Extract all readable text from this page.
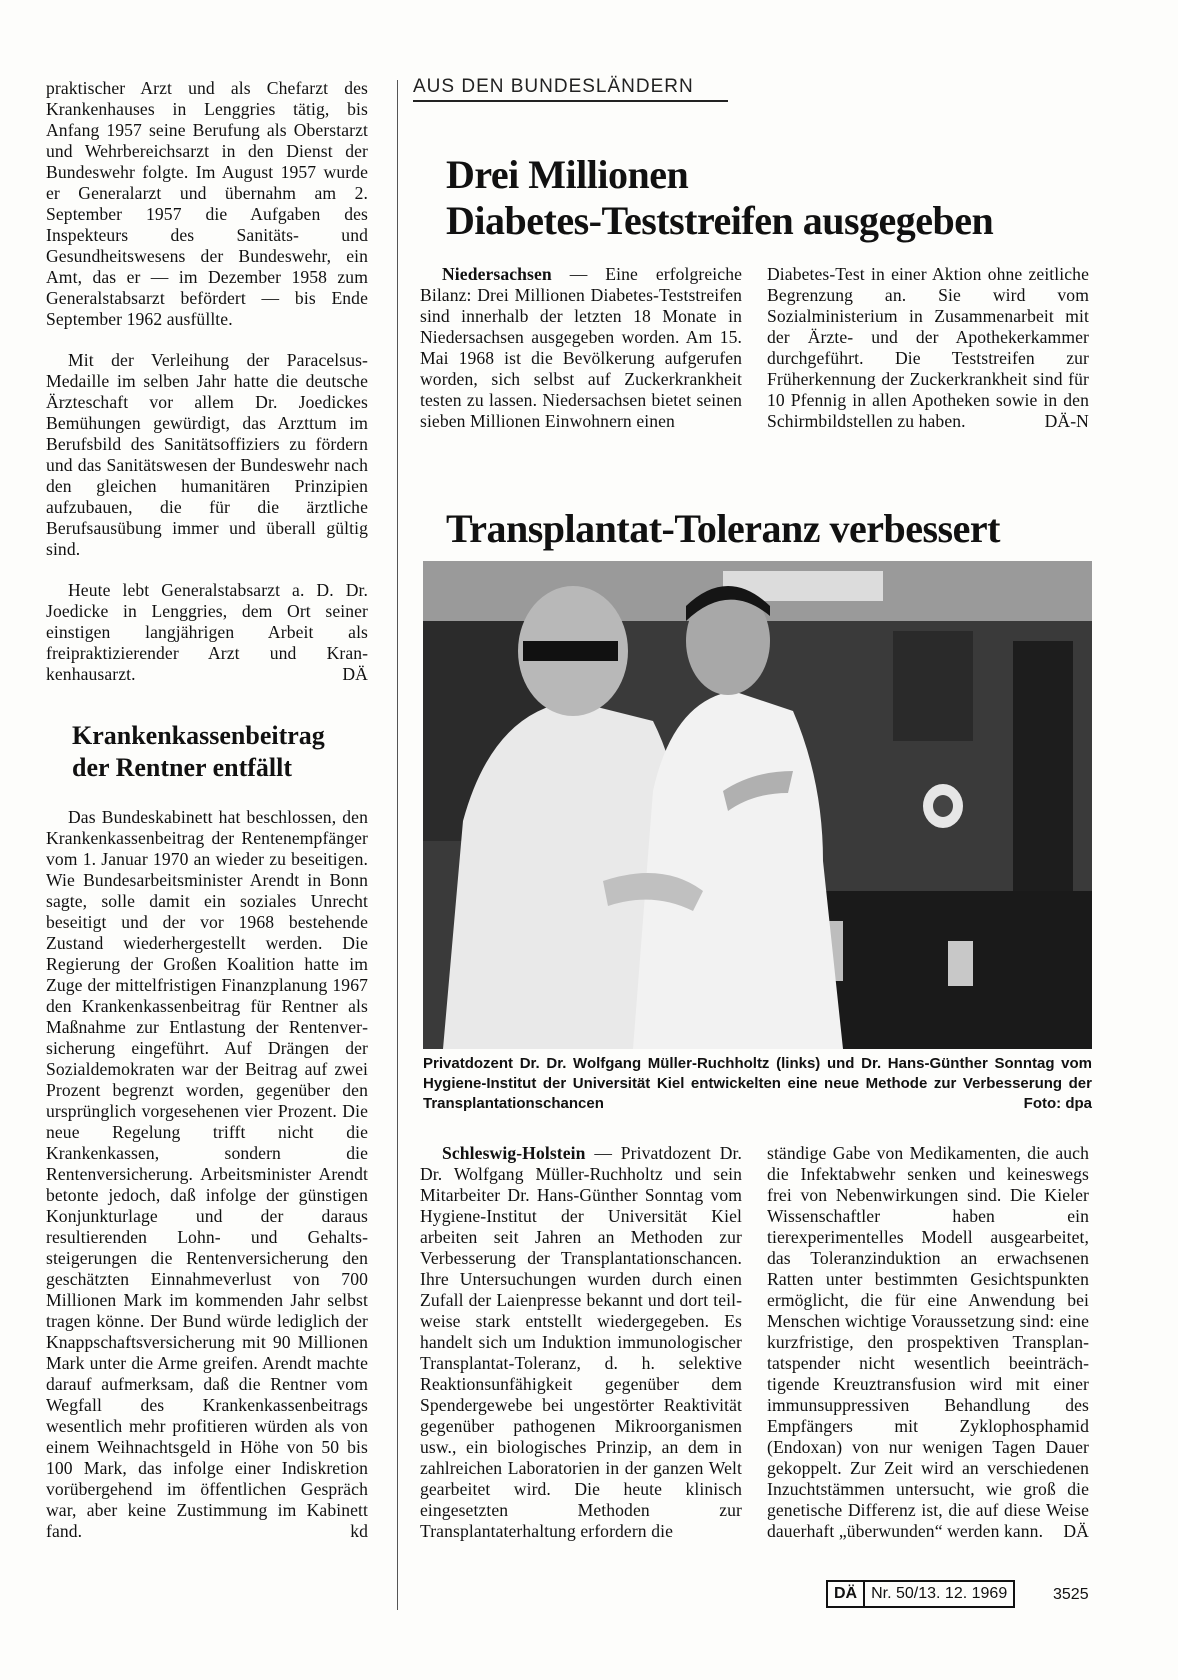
praktischer Arzt und als Chefarzt des Krankenhauses in Lenggries tätig, bis Anfang 1957 seine Berufung als Oberstarzt und Wehrbereichsarzt in den Dienst der Bundeswehr folgte. Im August 1957 wurde er Generalarzt und übernahm am 2. September 1957 die Aufgaben des Inspekteurs des Sanitäts- und Gesundheitswesens der Bundeswehr, ein Amt, das er — im Dezember 1958 zum Generalstabsarzt befördert — bis Ende September 1962 ausfüllte.

Mit der Verleihung der Paracelsus-Medaille im selben Jahr hatte die deutsche Ärzteschaft vor allem Dr. Joedickes Bemühungen gewürdigt, das Arzttum im Berufsbild des Sanitätsoffiziers zu fördern und das Sanitätswesen der Bundeswehr nach den gleichen humanitären Prinzipien aufzubauen, die für die ärztliche Berufsausübung immer und überall gültig sind.

Heute lebt Generalstabsarzt a. D. Dr. Joedicke in Lenggries, dem Ort seiner einstigen langjährigen Arbeit als freipraktizierender Arzt und Krankenhausarzt.	DÄ

Krankenkassenbeitrag

der Rentner entfällt

Das Bundeskabinett hat beschlossen, den Krankenkassenbeitrag der Rentenempfänger vom 1. Januar 1970 an wieder zu beseitigen. Wie Bundesarbeitsminister Arendt in Bonn sagte, solle damit ein soziales Unrecht beseitigt und der vor 1968 bestehende Zustand wiederhergestellt werden. Die Regierung der Großen Koalition hatte im Zuge der mittelfristigen Finanzplanung 1967 den Krankenkassenbeitrag für Rentner als Maßnahme zur Entlastung der Rentenversicherung eingeführt. Auf Drängen der Sozialdemokraten war der Beitrag auf zwei Prozent begrenzt worden, gegenüber den ursprünglich vorgesehenen vier Prozent. Die neue Regelung trifft nicht die Krankenkassen, sondern die Rentenversicherung. Arbeitsminister Arendt betonte jedoch, daß infolge der günstigen Konjunkturlage und der daraus resultierenden Lohn- und Gehaltssteigerungen die Rentenversicherung den geschätzten Einnahmeverlust von 700 Millionen Mark im kommenden Jahr selbst tragen könne. Der Bund würde lediglich der Knappschaftsversicherung mit 90 Millionen Mark unter die Arme greifen. Arendt machte darauf aufmerksam, daß die Rentner vom Wegfall des Krankenkassenbeitrags wesentlich mehr profitieren würden als von einem Weihnachtsgeld in Höhe von 50 bis 100 Mark, das infolge einer Indiskretion vorübergehend im öffentlichen Gespräch war, aber keine Zustimmung im Kabinett fand.	kd

AUS DEN BUNDESLÄNDERN

Drei Millionen

Diabetes-Teststreifen ausgegeben

Niedersachsen — Eine erfolgreiche Bilanz: Drei Millionen Diabetes-Teststreifen sind innerhalb der letzten 18 Monate in Niedersachsen ausgegeben worden. Am 15. Mai 1968 ist die Bevölkerung aufgerufen worden, sich selbst auf Zuckerkrankheit testen zu lassen. Niedersachsen bietet seinen sieben Millionen Einwohnern einen

Diabetes-Test in einer Aktion ohne zeitliche Begrenzung an. Sie wird vom Sozialministerium in Zusammenarbeit mit der Ärzte- und der Apothekerkammer durchgeführt. Die Teststreifen zur Früherkennung der Zuckerkrankheit sind für 10 Pfennig in allen Apotheken sowie in den Schirmbildstellen zu haben.	DÄ-N

Transplantat-Toleranz verbessert

Privatdozent Dr. Dr. Wolfgang Müller-Ruchholtz (links) und Dr. Hans-Günther Sonntag vom Hygiene-Institut der Universität Kiel entwickelten eine neue Methode zur Verbesserung der Transplantationschancen	Foto: dpa

Schleswig-Holstein — Privatdozent Dr. Dr. Wolfgang Müller-Ruchholtz und sein Mitarbeiter Dr. Hans-Günther Sonntag vom Hygiene-Institut der Universität Kiel arbeiten seit Jahren an Methoden zur Verbesserung der Transplantationschancen. Ihre Untersuchungen wurden durch einen Zufall der Laienpresse bekannt und dort teilweise stark entstellt wiedergegeben. Es handelt sich um Induktion immunologischer Transplantat-Toleranz, d. h. selektive Reaktionsunfähigkeit gegenüber dem Spendergewebe bei ungestörter Reaktivität gegenüber pathogenen Mikroorganismen usw., ein biologisches Prinzip, an dem in zahlreichen Laboratorien in der ganzen Welt gearbeitet wird. Die heute klinisch eingesetzten Methoden zur Transplantaterhaltung erfordern die

ständige Gabe von Medikamenten, die auch die Infektabwehr senken und keineswegs frei von Nebenwirkungen sind. Die Kieler Wissenschaftler haben ein tierexperimentelles Modell ausgearbeitet, das Toleranzinduktion an erwachsenen Ratten unter bestimmten Gesichtspunkten ermöglicht, die für eine Anwendung bei Menschen wichtige Voraussetzung sind: eine kurzfristige, den prospektiven Transplantatspender nicht wesentlich beeinträchtigende Kreuztransfusion wird mit einer immunsuppressiven Behandlung des Empfängers mit Zyklophosphamid (Endoxan) von nur wenigen Tagen Dauer gekoppelt. Zur Zeit wird an verschiedenen Inzuchtstämmen untersucht, wie groß die genetische Differenz ist, die auf diese Weise dauerhaft „überwunden“ werden kann. DÄ

DÄ Nr. 50/13. 12. 1969	3525
